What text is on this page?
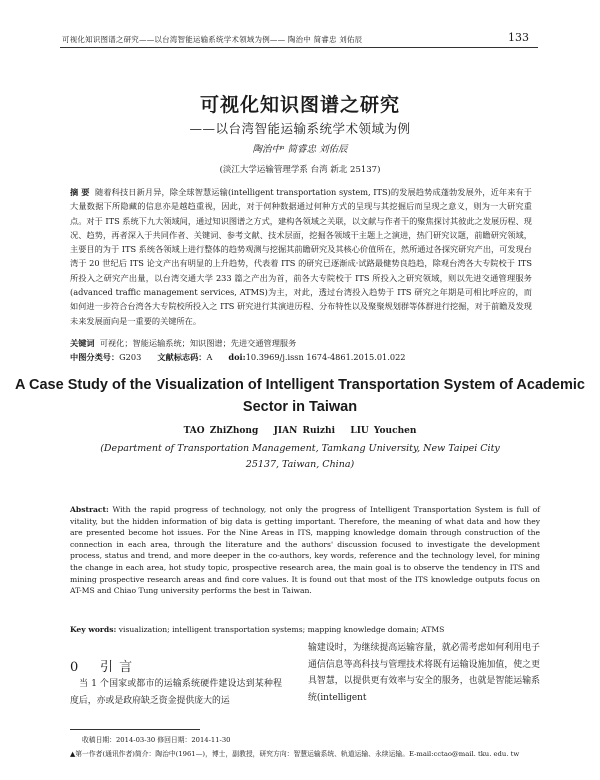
可视化知识图谱之研究——以台湾智能运输系统学术领域为例—— 陶治中 简睿忠 刘佑辰	133
可视化知识图谱之研究
——以台湾智能运输系统学术领域为例
陶治中ᵃ 简睿忠 刘佑辰
(淡江大学运输管理学系 台湾 新北 25137)

摘 要 随着科技日新月异，除全球智慧运输(intelligent transportation system, ITS)的发展趋势成蓬勃发展外，近年来有于大量数据下所隐藏的信息亦是越趋重视，因此，对于何种数据通过何种方式的呈现与其挖掘后而呈现之意义，则为一大研究重点。对于 ITS 系统下九大领域间，通过知识图谱之方式，建构各领域之关联，以文献与作者干的聚焦探讨其彼此之发展历程、现况、趋势，再者深入于共同作者、关键词、参考文献、技术层面，挖掘各领域干主题上之演进，热门研究议题，前瞻研究领域，主要目的为于 ITS 系统各领域上进行整体的趋势观测与挖掘其前瞻研究及其核心价值所在，然所通过各探究研究产出，可发现台湾于 20 世纪后 ITS 论文产出有明显的上升趋势，代表着 ITS 的研究已逐渐成·试路最健势良趋趋，除观台湾各大专院校于 ITS 所投入之研究产出量，以台湾交通大学 233 篇之产出为首，前各大专院校于 ITS 所投入之研究领域，则以先进交通管理服务(advanced traffic management services, ATMS)为主，对此，透过台湾投入趋势于 ITS 研究之年期是可相比呼应的，而如何进一步符合台湾各大专院校所投入之 ITS 研究进行其演进历程、分布特性以及聚聚规划群等体群进行挖掘，对于前瞻及发现未来发展面向是一重要的关键所在。

关键词 可视化；智能运输系统；知识图谱；先进交通管理服务
中图分类号：G203 文献标志码：A doi:10.3969/j.issn 1674-4861.2015.01.022

A Case Study of the Visualization of Intelligent Transportation System of Academic Sector in Taiwan

TAO ZhiZhong JIAN Ruizhi LIU Youchen

(Department of Transportation Management, Tamkang University, New Taipei City 25137, Taiwan, China)

Abstract: With the rapid progress of technology, not only the progress of Intelligent Transportation System is full of vitality, but the hidden information of big data is getting important. Therefore, the meaning of what data and how they are presented become hot issues. For the Nine Areas in ITS, mapping knowledge domain through construction of the connection in each area, through the literature and the authors' discussion focused to investigate the development process, status and trend, and more deeper in the co-authors, key words, reference and the technology level, for mining the change in each area, hot study topic, prospective research area, the main goal is to observe the tendency in ITS and mining prospective research areas and find core values. It is found out that most of the ITS knowledge outputs focus on AT-MS and Chiao Tung university performs the best in Taiwan.

Key words: visualization; intelligent transportation systems; mapping knowledge domain; ATMS
0 引 言

 当 1 个国家或都市的运输系统硬件建设达到某种程度后，亦或是政府缺乏资金提供庞大的运

输建设时，为继续提高运输容量，就必需考虑如何利用电子通信信息等高科技与管理技术将既有运输设施加值，使之更具智慧，以提供更有效率与安全的服务，也就是智能运输系统(intelligent

收稿日期：2014-03-30 修回日期：2014-11-30
▲第一作者(通讯作者)简介：陶治中(1961—)，博士，副教授，研究方向：智慧运输系统、轨道运输、永续运输。E-mail:cctao@mail. tku. edu. tw
